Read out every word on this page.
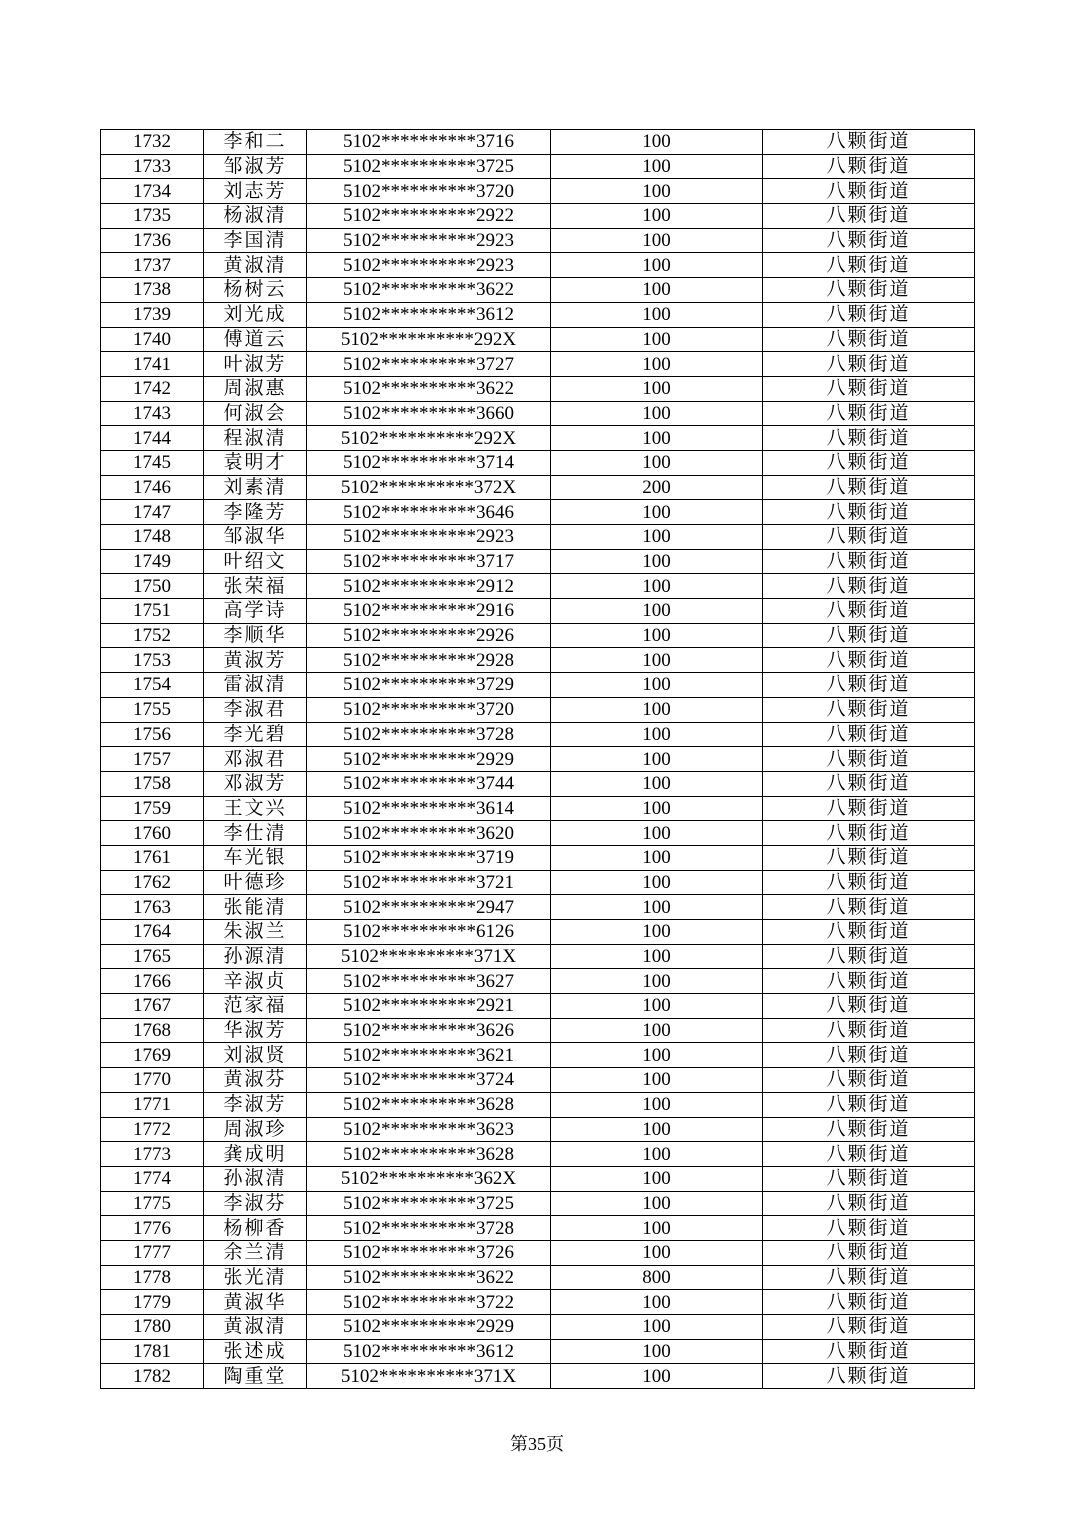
1732	李和二	5102**********3716	100	八颗街道
1733	邹淑芳	5102**********3725	100	八颗街道
1734	刘志芳	5102**********3720	100	八颗街道
1735	杨淑清	5102**********2922	100	八颗街道
1736	李国清	5102**********2923	100	八颗街道
1737	黄淑清	5102**********2923	100	八颗街道
1738	杨树云	5102**********3622	100	八颗街道
1739	刘光成	5102**********3612	100	八颗街道
1740	傅道云	5102**********292X	100	八颗街道
1741	叶淑芳	5102**********3727	100	八颗街道
1742	周淑惠	5102**********3622	100	八颗街道
1743	何淑会	5102**********3660	100	八颗街道
1744	程淑清	5102**********292X	100	八颗街道
1745	袁明才	5102**********3714	100	八颗街道
1746	刘素清	5102**********372X	200	八颗街道
1747	李隆芳	5102**********3646	100	八颗街道
1748	邹淑华	5102**********2923	100	八颗街道
1749	叶绍文	5102**********3717	100	八颗街道
1750	张荣福	5102**********2912	100	八颗街道
1751	高学诗	5102**********2916	100	八颗街道
1752	李顺华	5102**********2926	100	八颗街道
1753	黄淑芳	5102**********2928	100	八颗街道
1754	雷淑清	5102**********3729	100	八颗街道
1755	李淑君	5102**********3720	100	八颗街道
1756	李光碧	5102**********3728	100	八颗街道
1757	邓淑君	5102**********2929	100	八颗街道
1758	邓淑芳	5102**********3744	100	八颗街道
1759	王文兴	5102**********3614	100	八颗街道
1760	李仕清	5102**********3620	100	八颗街道
1761	车光银	5102**********3719	100	八颗街道
1762	叶德珍	5102**********3721	100	八颗街道
1763	张能清	5102**********2947	100	八颗街道
1764	朱淑兰	5102**********6126	100	八颗街道
1765	孙源清	5102**********371X	100	八颗街道
1766	辛淑贞	5102**********3627	100	八颗街道
1767	范家福	5102**********2921	100	八颗街道
1768	华淑芳	5102**********3626	100	八颗街道
1769	刘淑贤	5102**********3621	100	八颗街道
1770	黄淑芬	5102**********3724	100	八颗街道
1771	李淑芳	5102**********3628	100	八颗街道
1772	周淑珍	5102**********3623	100	八颗街道
1773	龚成明	5102**********3628	100	八颗街道
1774	孙淑清	5102**********362X	100	八颗街道
1775	李淑芬	5102**********3725	100	八颗街道
1776	杨柳香	5102**********3728	100	八颗街道
1777	余兰清	5102**********3726	100	八颗街道
1778	张光清	5102**********3622	800	八颗街道
1779	黄淑华	5102**********3722	100	八颗街道
1780	黄淑清	5102**********2929	100	八颗街道
1781	张述成	5102**********3612	100	八颗街道
1782	陶重堂	5102**********371X	100	八颗街道
第35页
